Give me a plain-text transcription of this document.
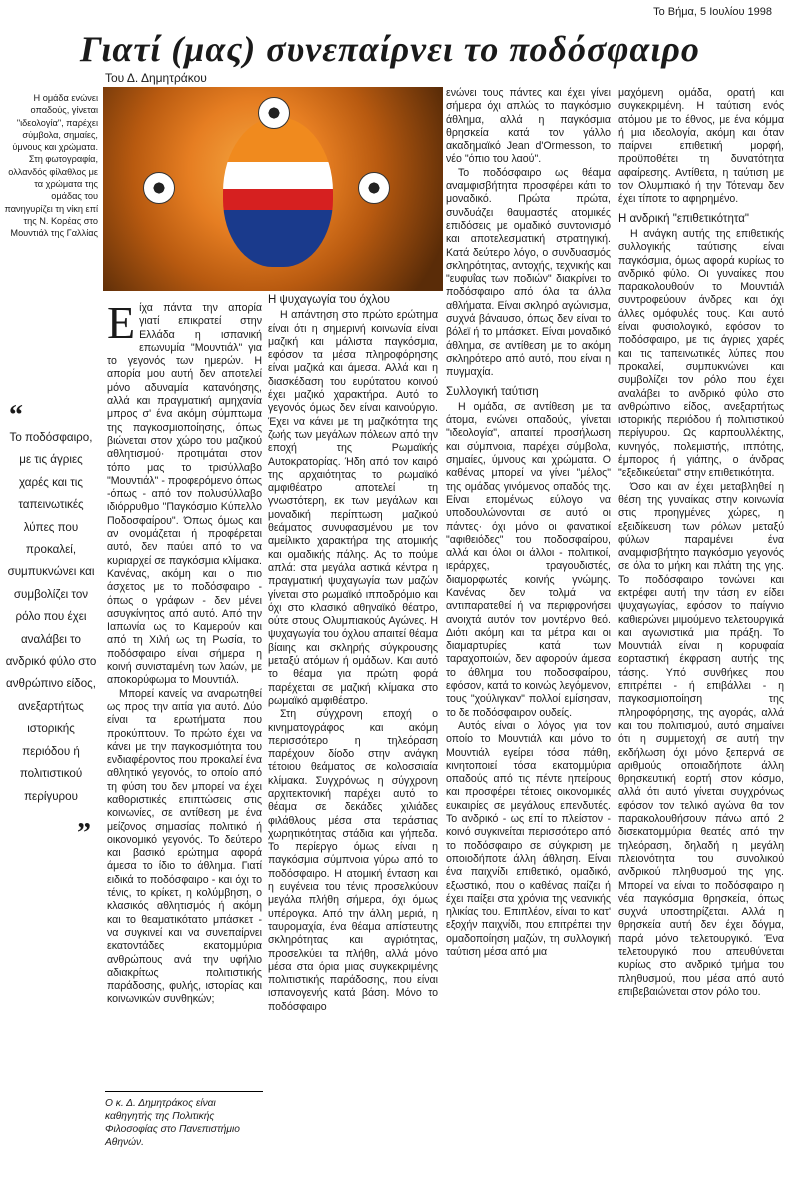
Το Βήμα, 5 Ιουλίου 1998
Γιατί (μας) συνεπαίρνει το ποδόσφαιρο
Του Δ. Δημητράκου
Η ομάδα ενώνει οπαδούς, γίνεται "ιδεολογία", παρέχει σύμβολα, σημαίες, ύμνους και χρώματα. Στη φωτογραφία, ολλανδός φίλαθλος με τα χρώματα της ομάδας του πανηγυρίζει τη νίκη επί της Ν. Κορέας στο Μουντιάλ της Γαλλίας
“
Το ποδόσφαιρο, με τις άγριες χαρές και τις ταπεινωτικές λύπες που προκαλεί, συμπυκνώνει και συμβολίζει τον ρόλο που έχει αναλάβει το ανδρικό φύλο στο ανθρώπινο είδος, ανεξαρτήτως ιστορικής περιόδου ή πολιτιστικού περίγυρου
”

Είχα πάντα την απορία γιατί επικρατεί στην Ελλάδα η ισπανική επωνυμία "Μουντιάλ" για το γεγονός των ημερών. Η απορία μου αυτή δεν αποτελεί μόνο αδυναμία κατανόησης, αλλά και πραγματική αμηχανία μπρος σ' ένα ακόμη σύμπτωμα της παγκοσμιοποίησης, όπως βιώνεται στον χώρο του μαζικού αθλητισμού· προτιμάται στον τόπο μας το τρισύλλαβο "Μουντιάλ" - προφερόμενο όπως -όπως - από τον πολυσύλλαβο ιδιόρρυθμο "Παγκόσμιο Κύπελλο Ποδοσφαίρου". Όπως όμως και αν ονομάζεται ή προφέρεται αυτό, δεν παύει από το να κυριαρχεί σε παγκόσμια κλίμακα. Κανένας, ακόμη και ο πιο άσχετος με το ποδόσφαιρο - όπως ο γράφων - δεν μένει ασυγκίνητος από αυτό. Από την Ιαπωνία ως το Καμερούν και από τη Χιλή ως τη Ρωσία, το ποδόσφαιρο είναι σήμερα η κοινή συνισταμένη των λαών, με αποκορύφωμα το Μουντιάλ.

Μπορεί κανείς να αναρωτηθεί ως προς την αιτία για αυτό. Δύο είναι τα ερωτήματα που προκύπτουν. Το πρώτο έχει να κάνει με την παγκοσμιότητα του ενδιαφέροντος που προκαλεί ένα αθλητικό γεγονός, το οποίο από τη φύση του δεν μπορεί να έχει καθοριστικές επιπτώσεις στις κοινωνίες, σε αντίθεση με ένα μείζονος σημασίας πολιτικό ή οικονομικό γεγονός. Το δεύτερο και βασικό ερώτημα αφορά άμεσα το ίδιο το άθλημα. Γιατί ειδικά το ποδόσφαιρο - και όχι το τένις, το κρίκετ, η κολύμβηση, ο κλασικός αθλητισμός ή ακόμη και το θεαματικότατο μπάσκετ - να συγκινεί και να συνεπαίρνει εκατοντάδες εκατομμύρια ανθρώπους ανά την υφήλιο αδιακρίτως πολιτιστικής παράδοσης, φυλής, ιστορίας και κοινωνικών συνθηκών;

Ο κ. Δ. Δημητράκος είναι καθηγητής της Πολιτικής Φιλοσοφίας στο Πανεπιστήμιο Αθηνών.
Η ψυχαγωγία του όχλου

Η απάντηση στο πρώτο ερώτημα είναι ότι η σημερινή κοινωνία είναι μαζική και μάλιστα παγκόσμια, εφόσον τα μέσα πληροφόρησης είναι μαζικά και άμεσα. Αλλά και η διασκέδαση του ευρύτατου κοινού έχει μαζικό χαρακτήρα. Αυτό το γεγονός όμως δεν είναι καινούργιο. Έχει να κάνει με τη μαζικότητα της ζωής των μεγάλων πόλεων από την εποχή της Ρωμαϊκής Αυτοκρατορίας. Ήδη από τον καιρό της αρχαιότητας το ρωμαϊκό αμφιθέατρο αποτελεί τη γνωστότερη, εκ των μεγάλων και μοναδική περίπτωση μαζικού θεάματος συνυφασμένου με τον αμείλικτο χαρακτήρα της ατομικής και ομαδικής πάλης. Ας το πούμε απλά: στα μεγάλα αστικά κέντρα η πραγματική ψυχαγωγία των μαζών γίνεται στο ρωμαϊκό ιπποδρόμιο και όχι στο κλασικό αθηναϊκό θέατρο, ούτε στους Ολυμπιακούς Αγώνες. Η ψυχαγωγία του όχλου απαιτεί θέαμα βίαιης και σκληρής σύγκρουσης μεταξύ ατόμων ή ομάδων. Και αυτό το θέαμα για πρώτη φορά παρέχεται σε μαζική κλίμακα στο ρωμαϊκό αμφιθέατρο.

Στη σύγχρονη εποχή ο κινηματογράφος και ακόμη περισσότερο η τηλεόραση παρέχουν δίοδο στην ανάγκη τέτοιου θεάματος σε κολοσσιαία κλίμακα. Συγχρόνως η σύγχρονη αρχιτεκτονική παρέχει αυτό το θέαμα σε δεκάδες χιλιάδες φιλάθλους μέσα στα τεράστιας χωρητικότητας στάδια και γήπεδα. Το περίεργο όμως είναι η παγκόσμια σύμπνοια γύρω από το ποδόσφαιρο. Η ατομική ένταση και η ευγένεια του τένις προσελκύουν μεγάλα πλήθη σήμερα, όχι όμως υπέρογκα. Από την άλλη μεριά, η ταυρομαχία, ένα θέαμα απίστευτης σκληρότητας και αγριότητας, προσελκύει τα πλήθη, αλλά μόνο μέσα στα όρια μιας συγκεκριμένης πολιτιστικής παράδοσης, που είναι ισπανογενής κατά βάση. Μόνο το ποδόσφαιρο

ενώνει τους πάντες και έχει γίνει σήμερα όχι απλώς το παγκόσμιο άθλημα, αλλά η παγκόσμια θρησκεία κατά τον γάλλο ακαδημαϊκό Jean d'Ormesson, το νέο "όπιο του λαού".

Το ποδόσφαιρο ως θέαμα αναμφισβήτητα προσφέρει κάτι το μοναδικό. Πρώτα πρώτα, συνδυάζει θαυμαστές ατομικές επιδόσεις με ομαδικό συντονισμό και αποτελεσματική στρατηγική. Κατά δεύτερο λόγο, ο συνδυασμός σκληρότητας, αντοχής, τεχνικής και "ευφυΐας των ποδιών" διακρίνει το ποδόσφαιρο από όλα τα άλλα αθλήματα. Είναι σκληρό αγώνισμα, συχνά βάναυσο, όπως δεν είναι το βόλεϊ ή το μπάσκετ. Είναι μοναδικό άθλημα, σε αντίθεση με το ακόμη σκληρότερο από αυτό, που είναι η πυγμαχία.

Συλλογική ταύτιση

Η ομάδα, σε αντίθεση με τα άτομα, ενώνει οπαδούς, γίνεται "ιδεολογία", απαιτεί προσήλωση και σύμπνοια, παρέχει σύμβολα, σημαίες, ύμνους και χρώματα. Ο καθένας μπορεί να γίνει "μέλος" της ομάδας γινόμενος οπαδός της. Είναι επομένως εύλογο να υποδουλώνονται σε αυτό οι πάντες· όχι μόνο οι φανατικοί "αφιθειόδες" του ποδοσφαίρου, αλλά και όλοι οι άλλοι - πολιτικοί, ιεράρχες, τραγουδιστές, διαμορφωτές κοινής γνώμης. Κανένας δεν τολμά να αντιπαρατεθεί ή να περιφρονήσει ανοιχτά αυτόν τον μοντέρνο θεό. Διότι ακόμη και τα μέτρα και οι διαμαρτυρίες κατά των ταραχοποιών, δεν αφορούν άμεσα το άθλημα του ποδοσφαίρου, εφόσον, κατά το κοινώς λεγόμενον, τους "χούλιγκαν" πολλοί εμίσησαν, το δε ποδόσφαιρον ουδείς.

Αυτός είναι ο λόγος για τον οποίο το Μουντιάλ και μόνο το Μουντιάλ εγείρει τόσα πάθη, κινητοποιεί τόσα εκατομμύρια οπαδούς από τις πέντε ηπείρους και προσφέρει τέτοιες οικονομικές ευκαιρίες σε μεγάλους επενδυτές. Το ανδρικό - ως επί το πλείστον - κοινό συγκινείται περισσότερο από το ποδόσφαιρο σε σύγκριση με οποιοδήποτε άλλη άθληση. Είναι ένα παιχνίδι επιθετικό, ομαδικό, εξωστικό, που ο καθένας παίζει ή έχει παίξει στα χρόνια της νεανικής ηλικίας του. Επιπλέον, είναι το κατ' εξοχήν παιχνίδι, που επιτρέπει την ομαδοποίηση μαζών, τη συλλογική ταύτιση μέσα από μια

μαχόμενη ομάδα, ορατή και συγκεκριμένη. Η ταύτιση ενός ατόμου με το έθνος, με ένα κόμμα ή μια ιδεολογία, ακόμη και όταν παίρνει επιθετική μορφή, προϋποθέτει τη δυνατότητα αφαίρεσης. Αντίθετα, η ταύτιση με τον Ολυμπιακό ή την Τότεναμ δεν έχει τίποτε το αφηρημένο.

Η ανδρική "επιθετικότητα"

Η ανάγκη αυτής της επιθετικής συλλογικής ταύτισης είναι παγκόσμια, όμως αφορά κυρίως το ανδρικό φύλο. Οι γυναίκες που παρακολουθούν το Μουντιάλ συντροφεύουν άνδρες και όχι άλλες ομόφυλές τους. Και αυτό είναι φυσιολογικό, εφόσον το ποδόσφαιρο, με τις άγριες χαρές και τις ταπεινωτικές λύπες που προκαλεί, συμπυκνώνει και συμβολίζει τον ρόλο που έχει αναλάβει το ανδρικό φύλο στο ανθρώπινο είδος, ανεξαρτήτως ιστορικής περιόδου ή πολιτιστικού περίγυρου. Ως καρπουλλέκτης, κυνηγός, πολεμιστής, ιππότης, έμπορος ή γιάπης, ο άνδρας "εξεδικεύεται" στην επιθετικότητα.

Όσο και αν έχει μεταβληθεί η θέση της γυναίκας στην κοινωνία στις προηγμένες χώρες, η εξειδίκευση των ρόλων μεταξύ φύλων παραμένει ένα αναμφισβήτητο παγκόσμιο γεγονός σε όλα το μήκη και πλάτη της γης. Το ποδόσφαιρο τονώνει και εκτρέφει αυτή την τάση εν είδει ψυχαγωγίας, εφόσον το παίγνιο καθιερώνει μιμούμενο τελετουργικά και αγωνιστικά μια πράξη. Το Μουντιάλ είναι η κορυφαία εορταστική έκφραση αυτής της τάσης. Υπό συνθήκες που επιτρέπει - ή επιβάλλει - η παγκοσμιοποίηση της πληροφόρησης, της αγοράς, αλλά και του πολιτισμού, αυτό σημαίνει ότι η συμμετοχή σε αυτή την εκδήλωση όχι μόνο ξεπερνά σε αριθμούς οποιαδήποτε άλλη θρησκευτική εορτή στον κόσμο, αλλά ότι αυτό γίνεται συγχρόνως εφόσον τον τελικό αγώνα θα τον παρακολουθήσουν πάνω από 2 δισεκατομμύρια θεατές από την τηλεόραση, δηλαδή η μεγάλη πλειονότητα του συνολικού ανδρικού πληθυσμού της γης. Μπορεί να είναι το ποδόσφαιρο η νέα παγκόσμια θρησκεία, όπως συχνά υποστηρίζεται. Αλλά η θρησκεία αυτή δεν έχει δόγμα, παρά μόνο τελετουργικό. Ένα τελετουργικό που απευθύνεται κυρίως στο ανδρικό τμήμα του πληθυσμού, που μέσα από αυτό επιβεβαιώνεται στον ρόλο του.
